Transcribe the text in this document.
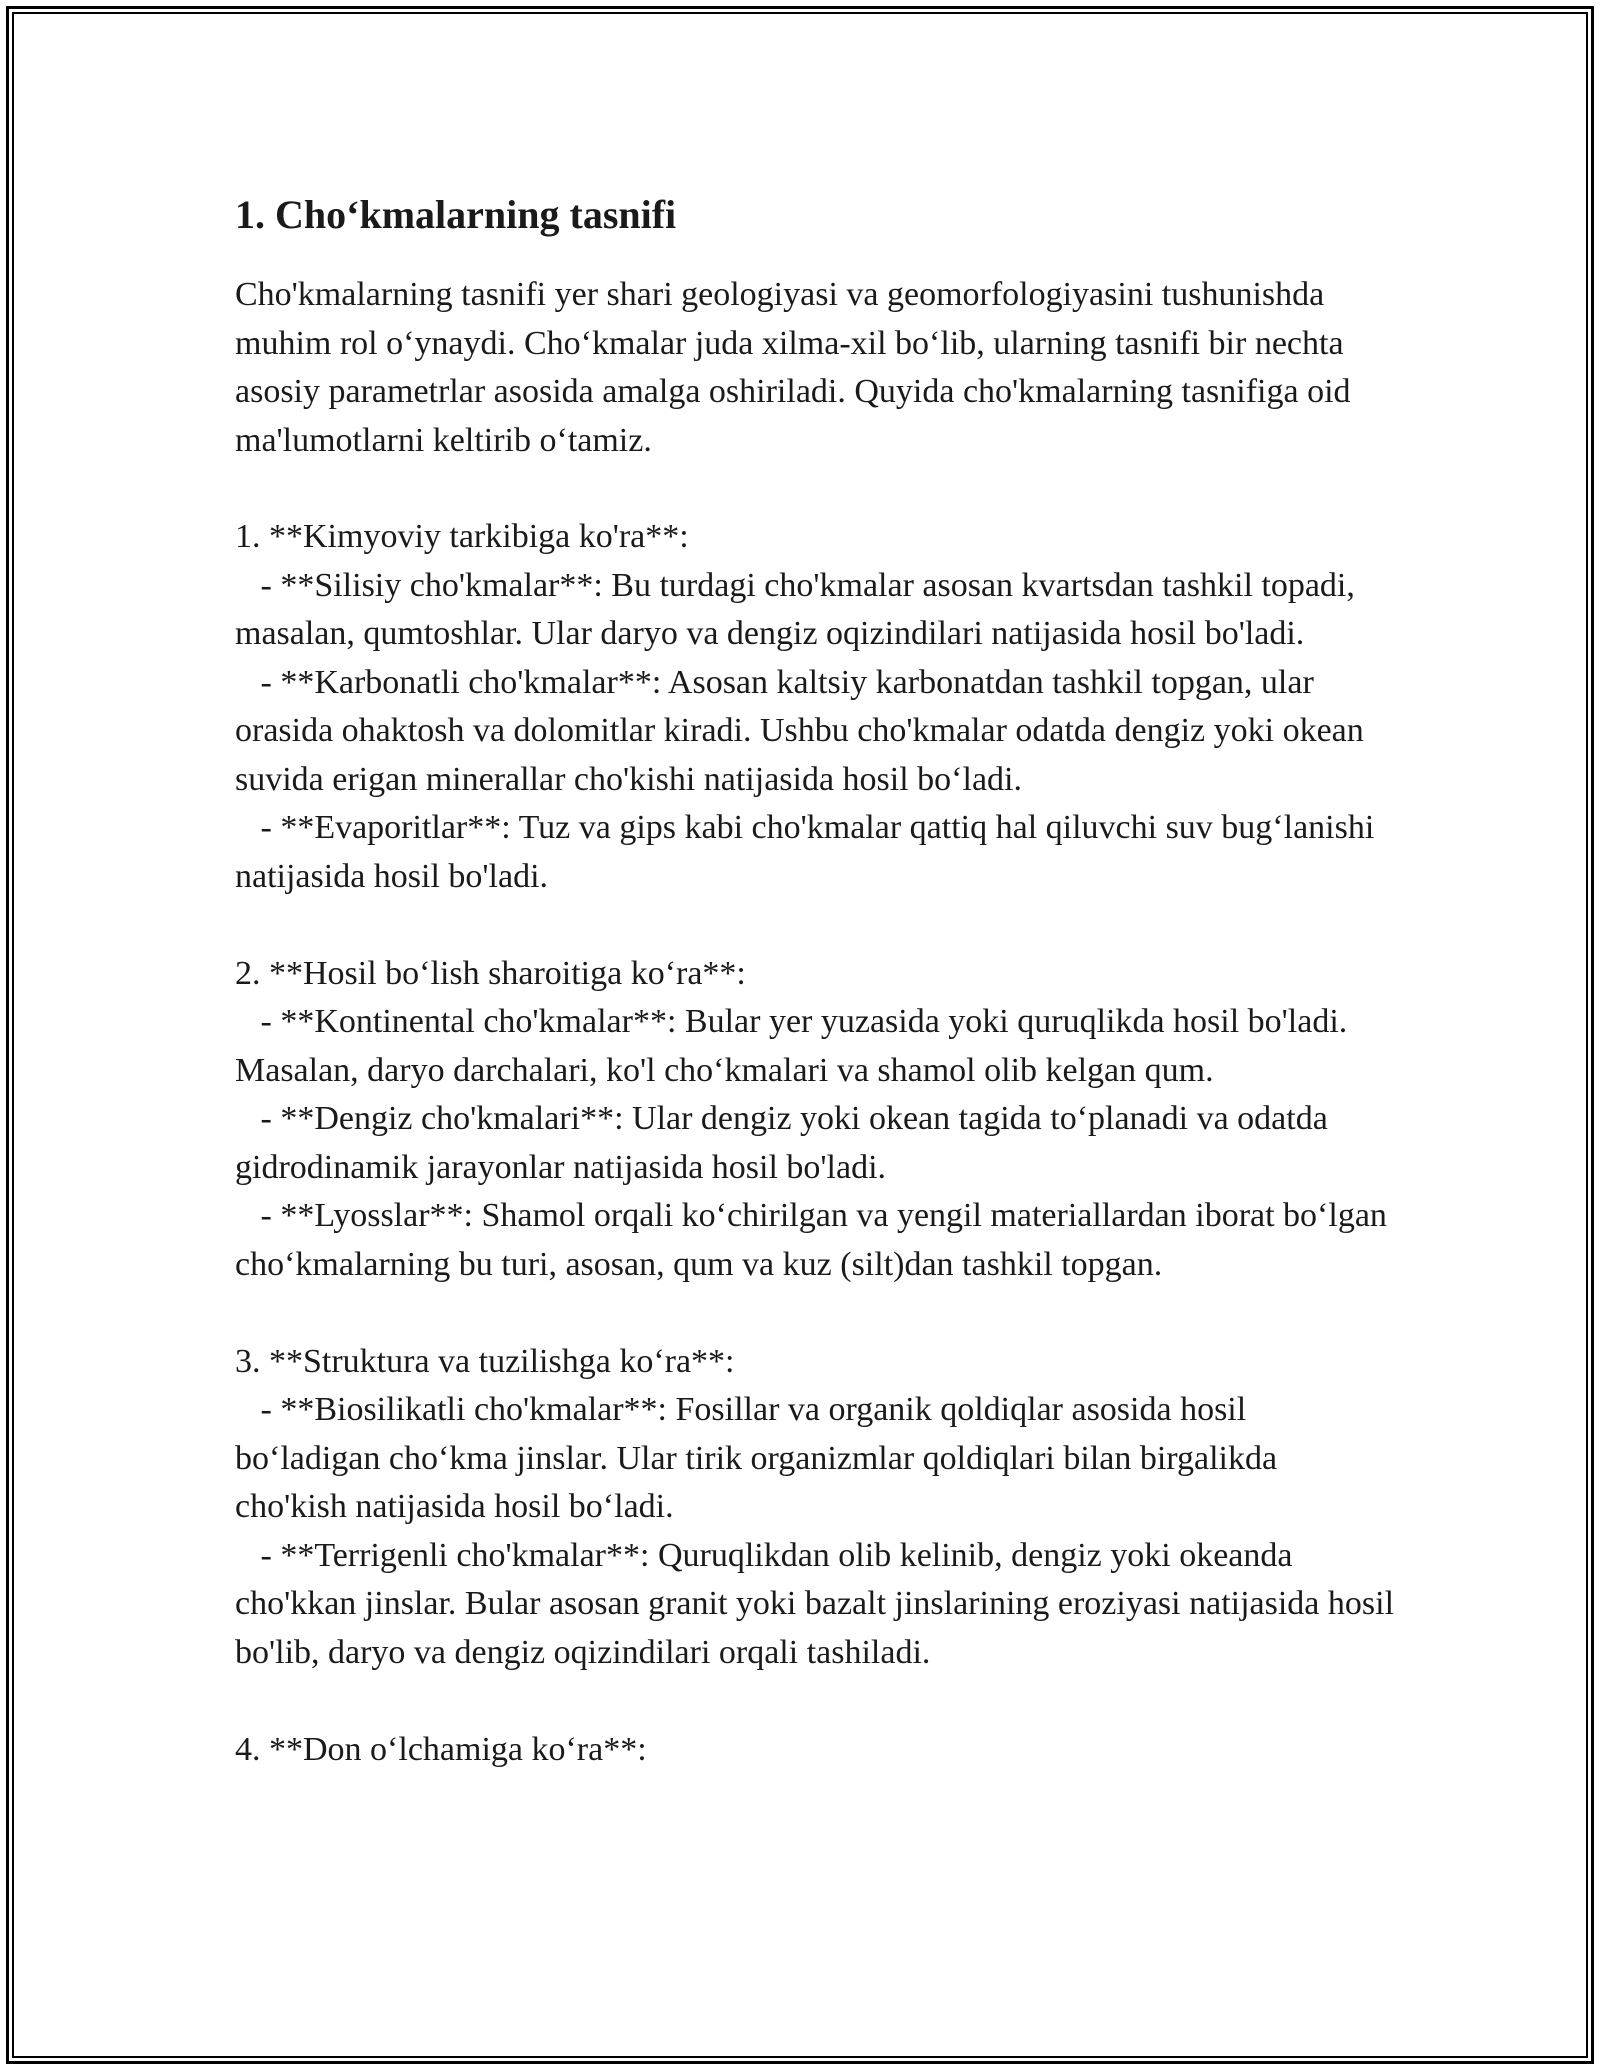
1. Cho‘kmalarning tasnifi

Cho'kmalarning tasnifi yer shari geologiyasi va geomorfologiyasini tushunishda muhim rol o‘ynaydi. Cho‘kmalar juda xilma-xil bo‘lib, ularning tasnifi bir nechta asosiy parametrlar asosida amalga oshiriladi. Quyida cho'kmalarning tasnifiga oid ma'lumotlarni keltirib o‘tamiz.

1. **Kimyoviy tarkibiga ko'ra**:

- **Silisiy cho'kmalar**: Bu turdagi cho'kmalar asosan kvartsdan tashkil topadi, masalan, qumtoshlar. Ular daryo va dengiz oqizindilari natijasida hosil bo'ladi.

- **Karbonatli cho'kmalar**: Asosan kaltsiy karbonatdan tashkil topgan, ular orasida ohaktosh va dolomitlar kiradi. Ushbu cho'kmalar odatda dengiz yoki okean suvida erigan minerallar cho'kishi natijasida hosil bo‘ladi.

- **Evaporitlar**: Tuz va gips kabi cho'kmalar qattiq hal qiluvchi suv bug‘lanishi natijasida hosil bo'ladi.

2. **Hosil bo‘lish sharoitiga ko‘ra**:

- **Kontinental cho'kmalar**: Bular yer yuzasida yoki quruqlikda hosil bo'ladi. Masalan, daryo darchalari, ko'l cho‘kmalari va shamol olib kelgan qum.

- **Dengiz cho'kmalari**: Ular dengiz yoki okean tagida to‘planadi va odatda gidrodinamik jarayonlar natijasida hosil bo'ladi.

- **Lyosslar**: Shamol orqali ko‘chirilgan va yengil materiallardan iborat bo‘lgan cho‘kmalarning bu turi, asosan, qum va kuz (silt)dan tashkil topgan.

3. **Struktura va tuzilishga ko‘ra**:

- **Biosilikatli cho'kmalar**: Fosillar va organik qoldiqlar asosida hosil bo‘ladigan cho‘kma jinslar. Ular tirik organizmlar qoldiqlari bilan birgalikda cho'kish natijasida hosil bo‘ladi.

- **Terrigenli cho'kmalar**: Quruqlikdan olib kelinib, dengiz yoki okeanda cho'kkan jinslar. Bular asosan granit yoki bazalt jinslarining eroziyasi natijasida hosil bo'lib, daryo va dengiz oqizindilari orqali tashiladi.

4. **Don o‘lchamiga ko‘ra**:
